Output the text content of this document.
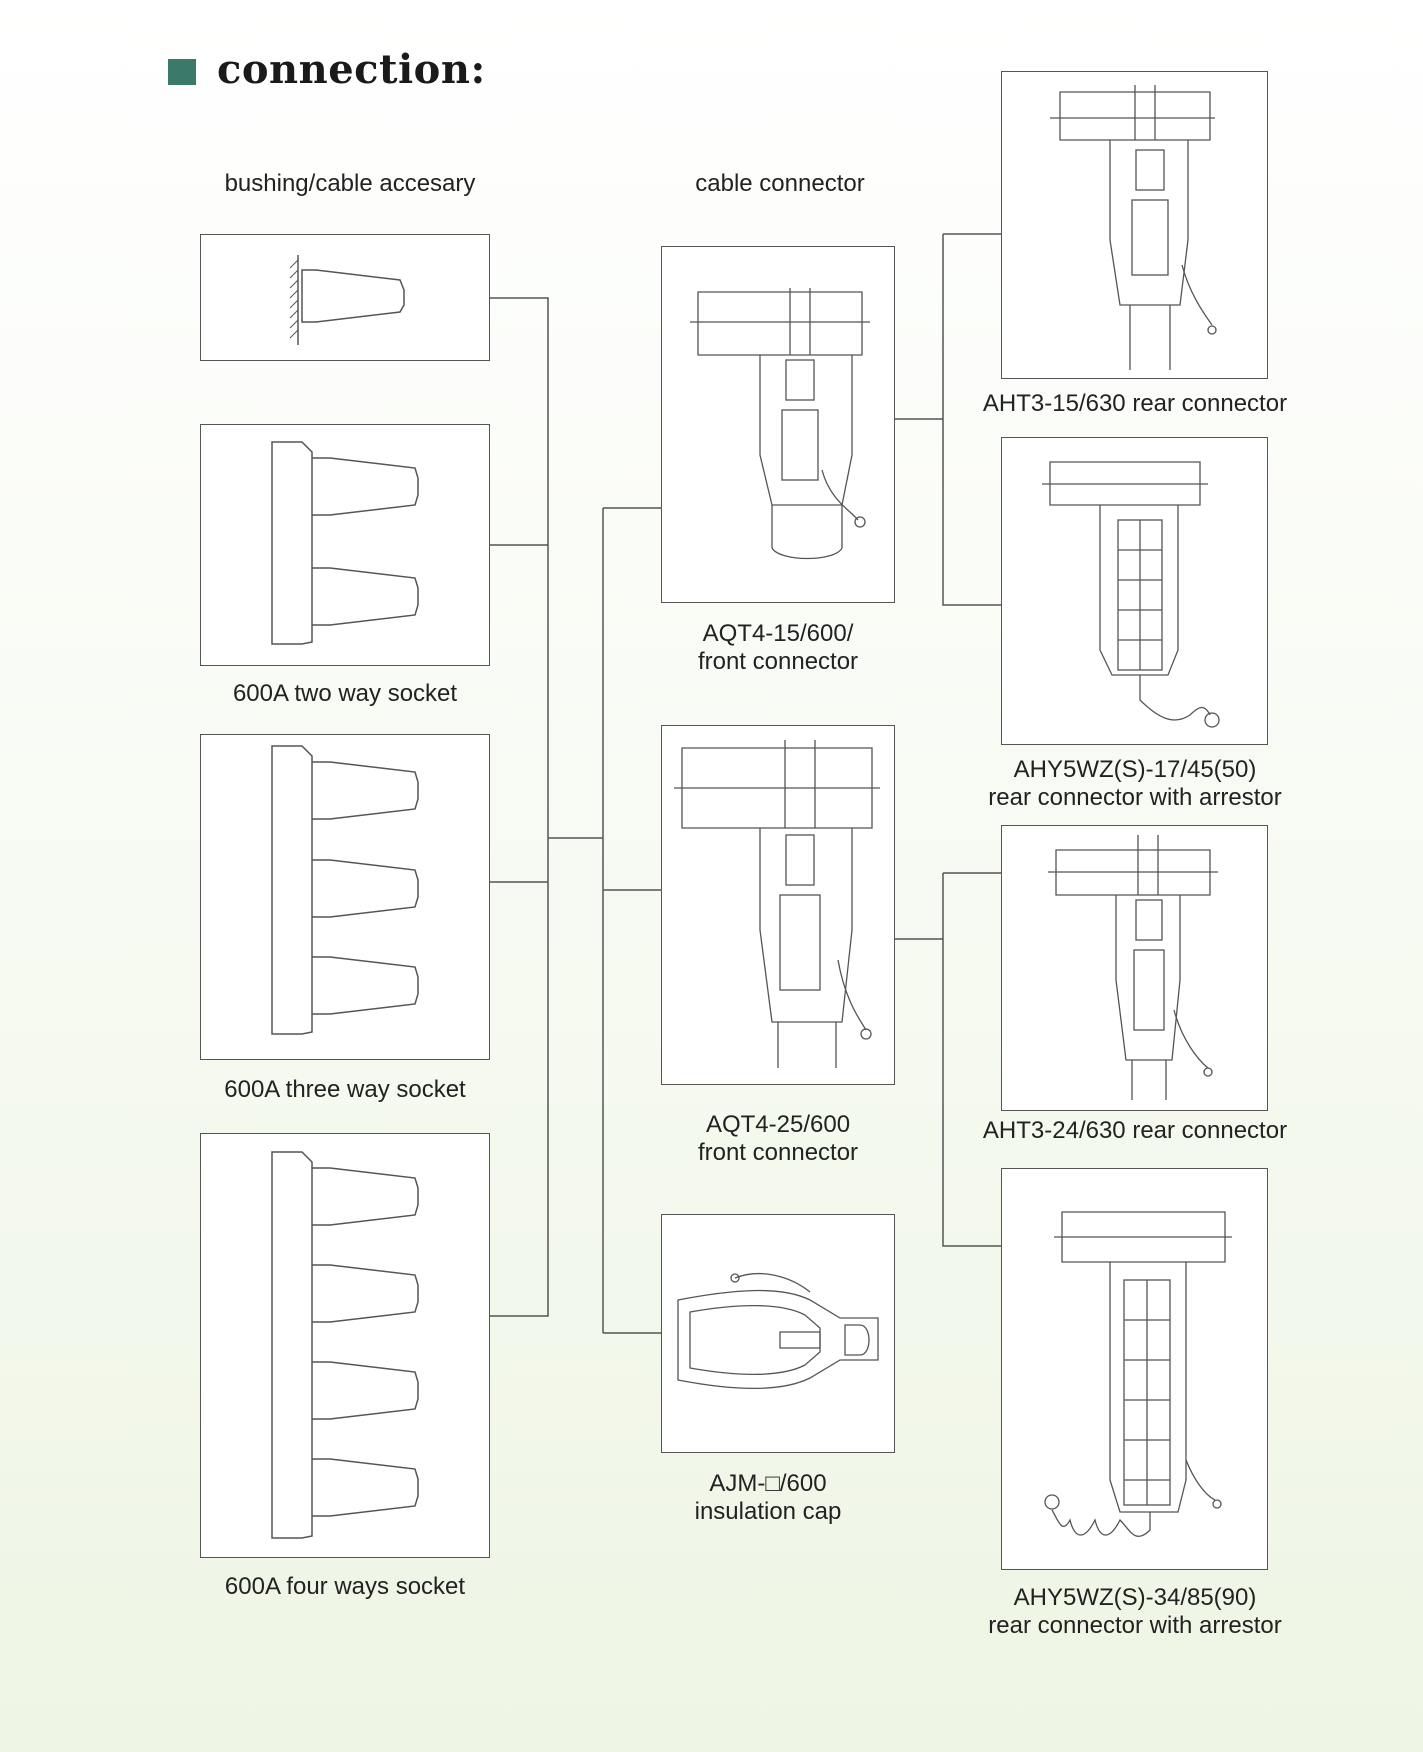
connection:
bushing/cable accesary	cable connector
600A two way socket
600A three way socket
600A four ways socket
AQT4-15/600/
front connector
AQT4-25/600
front connector
AJM-□/600
insulation cap
AHT3-15/630 rear connector
AHY5WZ(S)-17/45(50)
rear connector with arrestor
AHT3-24/630 rear connector
AHY5WZ(S)-34/85(90)
rear connector with arrestor
